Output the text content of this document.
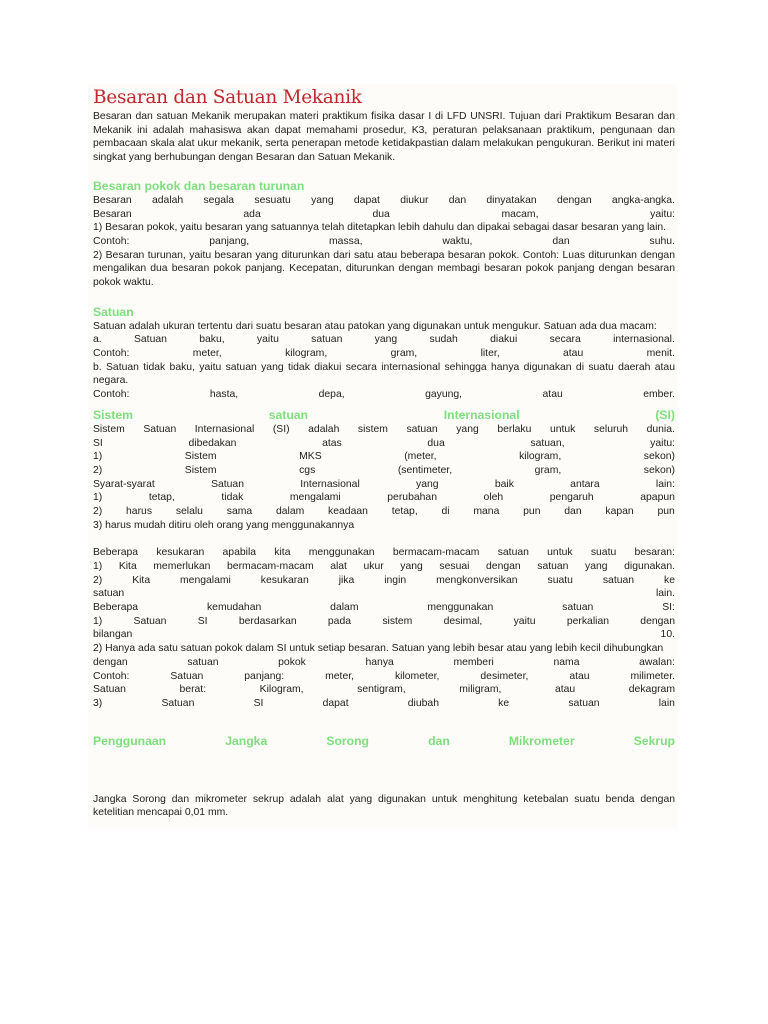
Besaran dan Satuan Mekanik

Besaran dan satuan Mekanik merupakan materi praktikum fisika dasar I di LFD UNSRI. Tujuan dari Praktikum Besaran dan Mekanik ini adalah mahasiswa akan dapat memahami prosedur, K3, peraturan pelaksanaan praktikum, pengunaan dan pembacaan skala alat ukur mekanik, serta penerapan metode ketidakpastian dalam melakukan pengukuran. Berikut ini materi singkat yang berhubungan dengan Besaran dan Satuan Mekanik.

Besaran pokok dan besaran turunan
Besaran adalah segala sesuatu yang dapat diukur dan dinyatakan dengan angka-angka.
Besaran	ada	dua	macam,	yaitu:
1) Besaran pokok, yaitu besaran yang satuannya telah ditetapkan lebih dahulu dan dipakai sebagai dasar besaran yang lain.
Contoh:	panjang,	massa,	waktu,	dan	suhu.

2) Besaran turunan, yaitu besaran yang diturunkan dari satu atau beberapa besaran pokok. Contoh: Luas diturunkan dengan mengalikan dua besaran pokok panjang. Kecepatan, diturunkan dengan membagi besaran pokok panjang dengan besaran pokok waktu.

Satuan
Satuan adalah ukuran tertentu dari suatu besaran atau patokan yang digunakan untuk mengukur. Satuan ada dua macam:
a.	Satuan	baku,	yaitu	satuan	yang	sudah	diakui	secara	internasional.
Contoh:	meter,	kilogram,	gram,	liter,	atau	menit.

b. Satuan tidak baku, yaitu satuan yang tidak diakui secara internasional sehingga hanya digunakan di suatu daerah atau negara.

Contoh:	hasta,	depa,	gayung,	atau	ember.
Sistem	satuan	Internasional	(SI)
Sistem Satuan Internasional (SI) adalah sistem satuan yang berlaku untuk seluruh dunia.
SI	dibedakan	atas	dua	satuan,	yaitu:
1)	Sistem	MKS	(meter,	kilogram,	sekon)
2)	Sistem	cgs	(sentimeter,	gram,	sekon)
Syarat-syarat	Satuan	Internasional	yang	baik	antara	lain:
1)	tetap,	tidak	mengalami	perubahan	oleh	pengaruh	apapun
2) harus selalu sama dalam keadaan tetap, di mana pun dan kapan pun
3) harus mudah ditiru oleh orang yang menggunakannya
Beberapa kesukaran apabila kita menggunakan bermacam-macam satuan untuk suatu besaran:
1) Kita memerlukan bermacam-macam alat ukur yang sesuai dengan satuan yang digunakan.
2)	Kita	mengalami	kesukaran	jika	ingin	mengkonversikan	suatu	satuan	ke
satuan	lain.
Beberapa	kemudahan	dalam	menggunakan	satuan	SI:
1)	Satuan	SI	berdasarkan	pada	sistem	desimal,	yaitu	perkalian	dengan
bilangan	10.
2) Hanya ada satu satuan pokok dalam SI untuk setiap besaran. Satuan yang lebih besar atau yang lebih kecil dihubungkan
dengan	satuan	pokok	hanya	memberi	nama	awalan:
Contoh:	Satuan	panjang:	meter,	kilometer,	desimeter,	atau	milimeter.
Satuan	berat:	Kilogram,	sentigram,	miligram,	atau	dekagram
3)	Satuan	SI	dapat	diubah	ke	satuan	lain
Penggunaan	Jangka	Sorong	dan	Mikrometer	Sekrup

Jangka Sorong dan mikrometer sekrup adalah alat yang digunakan untuk menghitung ketebalan suatu benda dengan ketelitian mencapai 0,01 mm.
